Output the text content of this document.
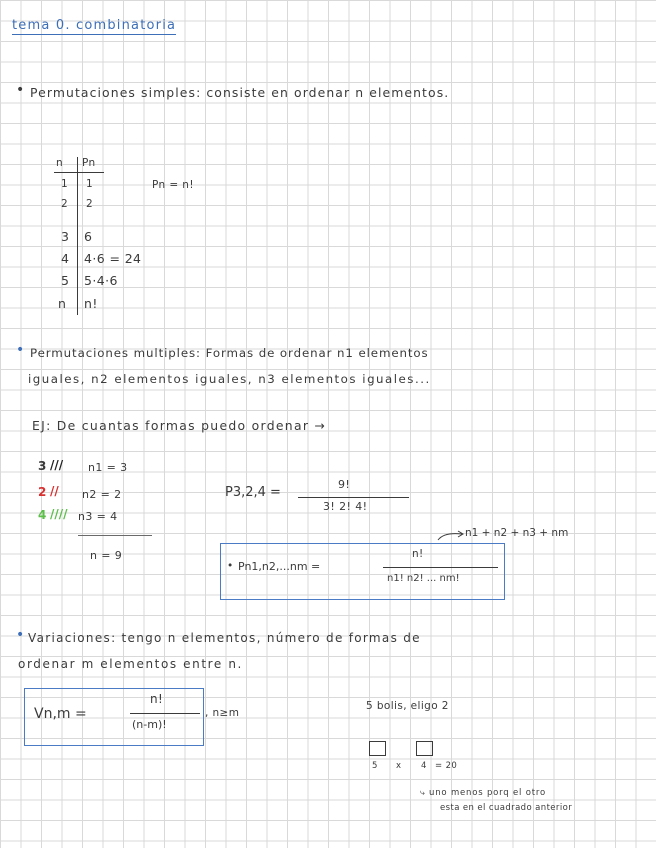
tema 0. combinatoria
• Permutaciones simples: consiste en ordenar n elementos.
n Pn
1 1
2 2
3 6
4 4·6 = 24
5 5·4·6
n n!
Pn = n!
• Permutaciones multiples: Formas de ordenar n1 elementos
iguales, n2 elementos iguales, n3 elementos iguales...
EJ: De cuantas formas puedo ordenar →
3 /// n1 = 3
2 // n2 = 2
4 //// n3 = 4
n = 9
P3,2,4 =
9!
3! 2! 4!
• Pn1,n2,...nm =
n!
n1! n2! ... nm!
n1 + n2 + n3 + nm
• Variaciones: tengo n elementos, número de formas de
ordenar m elementos entre n.
Vn,m =
n!
(n-m)!
, n≥m
5 bolis, eligo 2
5 x 4 = 20
⤷ uno menos porq el otro
esta en el cuadrado anterior
